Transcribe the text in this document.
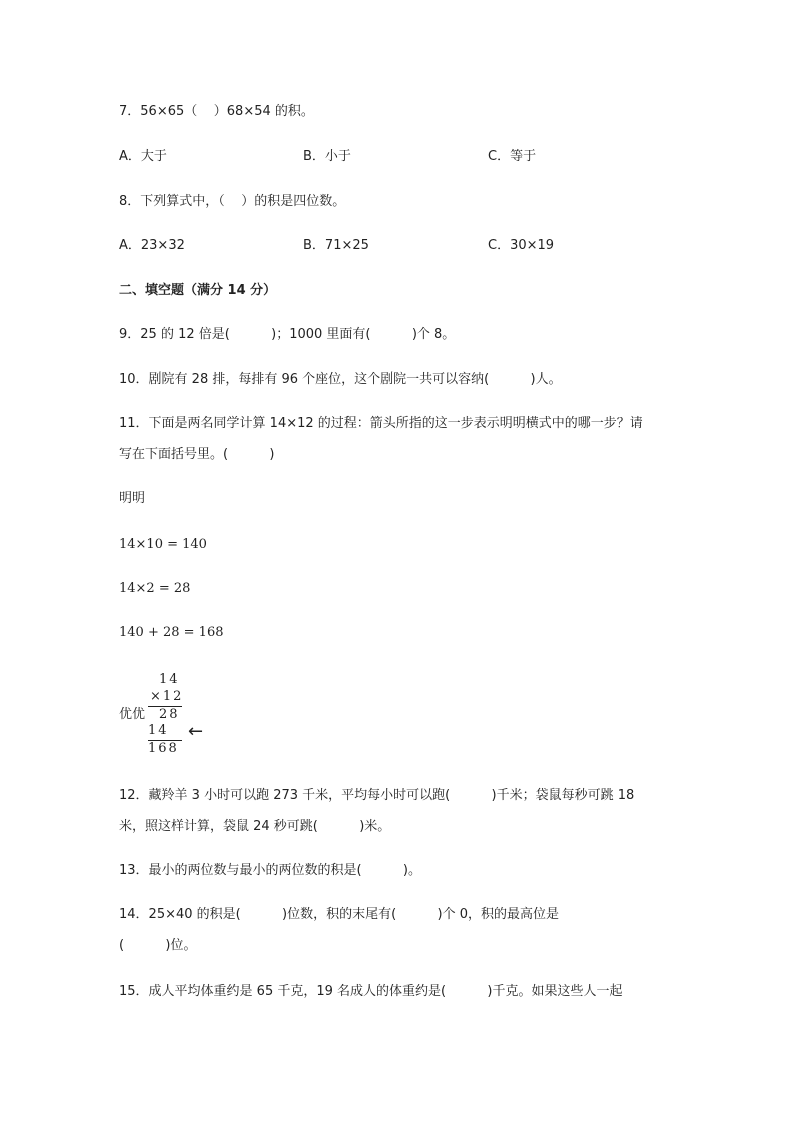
7．56×65（    ）68×54 的积。
A．大于	B．小于	C．等于
8．下列算式中，（    ）的积是四位数。
A．23×32	B．71×25	C．30×19
二、填空题（满分 14 分）
9．25 的 12 倍是(          )；1000 里面有(          )个 8。
10．剧院有 28 排，每排有 96 个座位，这个剧院一共可以容纳(          )人。
11．下面是两名同学计算 14×12 的过程：箭头所指的这一步表示明明横式中的哪一步？请
写在下面括号里。(          )
明明
14×10 = 140
14×2 = 28
140 + 28 = 168
优优
14
×12
28
14
168
←
12．藏羚羊 3 小时可以跑 273 千米，平均每小时可以跑(          )千米；袋鼠每秒可跳 18
米，照这样计算，袋鼠 24 秒可跳(          )米。
13．最小的两位数与最小的两位数的积是(          )。
14．25×40 的积是(          )位数，积的末尾有(          )个 0，积的最高位是
(          )位。
15．成人平均体重约是 65 千克，19 名成人的体重约是(          )千克。如果这些人一起
